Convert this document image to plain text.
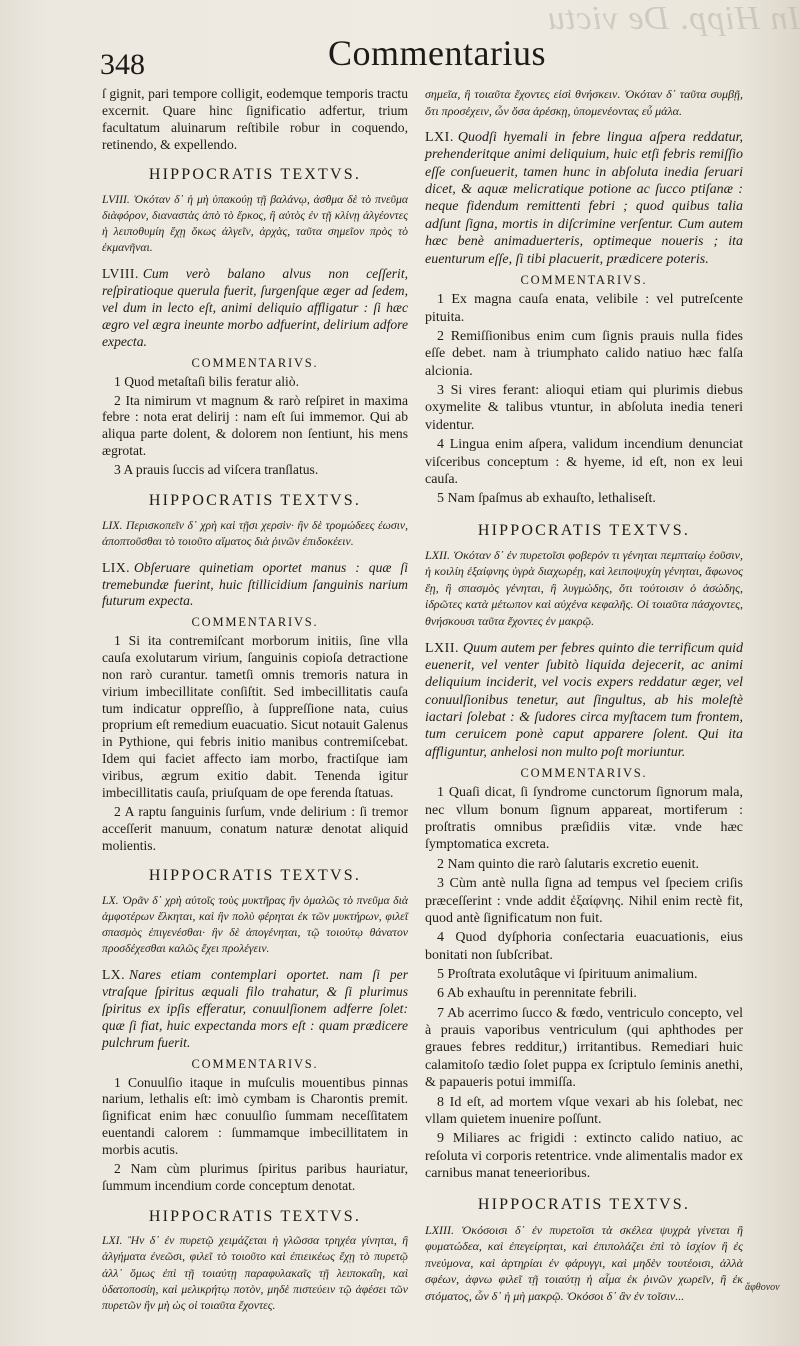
In Hipp. De victu
348	Commentarius

ſ gignit, pari tempore colligit, eodemque temporis tractu excernit. Quare hinc ſignificatio adfertur, trium facultatum aluinarum reſtibile robur in coquendo, retinendo, & expellendo.

HIPPOCRATIS TEXTVS.

LVIII. Ὁκόταν δ᾽ ἡ μὴ ὑπακούῃ τῇ βαλάνῳ, ἀσθμα δὲ τὸ πνεῦμα διὰφόρον, διαναστὰς ἀπὸ τὸ ἔρκος, ἢ αὐτὸς ἐν τῇ κλίνῃ ἀλγέοντες ἡ λειποθυμίη ἔχῃ ὅκως ἀλγεῖν, ἀρχὰς, ταῦτα σημεῖον πρὸς τὸ ἐκμανῆναι.

LVIII. Cum verò balano alvus non ceſſerit, reſpiratioque querula fuerit, ſurgenſque æger ad ſedem, vel dum in lecto eſt, animi deliquio affligatur : ſi hæc ægro vel ægra ineunte morbo adfuerint, delirium adfore expecta.

COMMENTARIVS.

1 Quod metaſtaſi bilis feratur aliò.

2 Ita nimirum vt magnum & rarò reſpiret in maxima febre : nota erat delirij : nam eſt ſui immemor. Qui ab aliqua parte dolent, & dolorem non ſentiunt, his mens ægrotat.

3 A prauis ſuccis ad viſcera tranſlatus.

HIPPOCRATIS TEXTVS.

LIX. Περισκοπεῖν δ᾽ χρὴ καὶ τῇσι χερσὶν· ἢν δὲ τρομώδεες ἐωσιν, ἀποπτοῦσθαι τὸ τοιοῦτο αἵματος διὰ ῥινῶν ἐπιδοκέειν.

LIX. Obſeruare quinetiam oportet manus : quæ ſi tremebundæ fuerint, huic ſtillicidium ſanguinis narium futurum expecta.

COMMENTARIVS.

1 Si ita contremiſcant morborum initiis, ſine vlla cauſa exolutarum virium, ſanguinis copioſa detractione non rarò curantur. tametſi omnis tremoris natura in virium imbecillitate conſiſtit. Sed imbecillitatis cauſa tum indicatur oppreſſio, à ſuppreſſione nata, cuius proprium eſt remedium euacuatio. Sicut notauit Galenus in Pythione, qui febris initio manibus contremiſcebat. Idem qui faciet affecto iam morbo, fractiſque iam viribus, ægrum exitio dabit. Tenenda igitur imbecillitatis cauſa, priuſquam de ope ferenda ſtatuas.

2 A raptu ſanguinis ſurſum, vnde delirium : ſi tremor acceſſerit manuum, conatum naturæ denotat aliquid molientis.

HIPPOCRATIS TEXTVS.

LX. Ὁρᾶν δ᾽ χρὴ αὐτοῖς τοὺς μυκτῆρας ἢν ὁμαλῶς τὸ πνεῦμα διὰ ἀμφοτέρων ἕλκηται, καὶ ἢν πολὺ φέρηται ἐκ τῶν μυκτήρων, φιλεῖ σπασμὸς ἐπιγενέσθαι· ἢν δὲ ἀπογένηται, τῷ τοιούτῳ θάνατον προσδέχεσθαι καλῶς ἔχει προλέγειν.

LX. Nares etiam contemplari oportet. nam ſi per vtraſque ſpiritus æquali filo trahatur, & ſi plurimus ſpiritus ex ipſis efferatur, conuulſionem adferre ſolet: quæ ſi fiat, huic expectanda mors eſt : quam prædicere pulchrum fuerit.

COMMENTARIVS.

1 Conuulſio itaque in muſculis mouentibus pinnas narium, lethalis eſt: imò cymbam is Charontis premit. ſignificat enim hæc conuulſio ſummam neceſſitatem euentandi calorem : ſummamque imbecillitatem in morbis acutis.

2 Nam cùm plurimus ſpiritus paribus hauriatur, ſummum incendium corde conceptum denotat.

HIPPOCRATIS TEXTVS.

LXI. Ἢν δ᾽ ἐν πυρετῷ χειμάζεται ἡ γλῶσσα τρηχέα γίνηται, ἢ ἀλγήματα ἐνεῶσι, φιλεῖ τὸ τοιοῦτο καὶ ἐπιεικέως ἔχῃ τὸ πυρετῷ ἀλλ᾽ ὅμως ἐπὶ τῇ τοιαύτῃ παραφυλακαῖς τῇ λειποκαΐη, καὶ ὑδατοποσίη, καὶ μελικρήτῳ ποτὸν, μηδὲ πιστεύειν τῷ ἀφέσει τῶν πυρετῶν ἢν μὴ ὡς οἱ τοιαῦτα ἔχοντες.

σημεῖα, ἢ τοιαῦτα ἔχοντες εἰσὶ θνήσκειν. Ὁκόταν δ᾽ ταῦτα συμβῇ, ὅτι προσέχειν, ὧν ὅσα ἀρέσκῃ, ὑπομενέοντας εὖ μάλα.

LXI. Quodſi hyemali in febre lingua aſpera reddatur, prehenderitque animi deliquium, huic etſi febris remiſſio eſſe conſueuerit, tamen hunc in abſoluta inedia ſeruari dicet, & aquæ melicratique potione ac ſucco ptiſanæ : neque fidendum remittenti febri ; quod quibus talia adſunt ſigna, mortis in diſcrimine verſentur. Cum autem hæc benè animaduerteris, optimeque noueris ; ita euenturum eſſe, ſi tibi placuerit, prædicere poteris.

COMMENTARIVS.

1 Ex magna cauſa enata, velibile : vel putreſcente pituita.

2 Remiſſionibus enim cum ſignis prauis nulla fides eſſe debet. nam à triumphato calido natiuo hæc falſa alcionia.

3 Si vires ferant: alioqui etiam qui plurimis diebus oxymelite & talibus vtuntur, in abſoluta inedia teneri videntur.

4 Lingua enim aſpera, validum incendium denunciat viſceribus conceptum : & hyeme, id eſt, non ex leui cauſa.

5 Nam ſpaſmus ab exhauſto, lethaliseſt.

HIPPOCRATIS TEXTVS.

LXII. Ὁκόταν δ᾽ ἐν πυρετοῖσι φοβερόν τι γένηται πεμπταίῳ ἐοῦσιν, ἡ κοιλίη ἐξαίφνης ὑγρὰ διαχωρέῃ, καὶ λειποψυχίη γένηται, ἄφωνος ἔῃ, ἢ σπασμὸς γένηται, ἢ λυγμώδης, ὅτι τούτοισιν ὁ ἀσώδης, ἱδρῶτες κατὰ μέτωπον καὶ αὐχένα κεφαλῆς. Οἱ τοιαῦτα πάσχοντες, θνήσκουσι ταῦτα ἔχοντες ἐν μακρῷ.

LXII. Quum autem per febres quinto die terrificum quid euenerit, vel venter ſubitò liquida dejecerit, ac animi deliquium inciderit, vel vocis expers reddatur æger, vel conuulſionibus tenetur, aut ſingultus, ab his moleſtè iactari ſolebat : & ſudores circa myſtacem tum frontem, tum ceruicem ponè caput apparere ſolent. Qui ita affliguntur, anhelosi non multo poſt moriuntur.

COMMENTARIVS.

1 Quaſi dicat, ſi ſyndrome cunctorum ſignorum mala, nec vllum bonum ſignum appareat, mortiferum : proſtratis omnibus præſidiis vitæ. vnde hæc ſymptomatica excreta.

2 Nam quinto die rarò ſalutaris excretio euenit.

3 Cùm antè nulla ſigna ad tempus vel ſpeciem criſis præceſſerint : vnde addit ἐξαίφνης. Nihil enim rectè fit, quod antè ſignificatum non fuit.

4 Quod dyſphoria conſectaria euacuationis, eius bonitati non ſubſcribat.

5 Proſtrata exolutâque vi ſpirituum animalium.

6 Ab exhauſtu in perennitate febrili.

7 Ab acerrimo ſucco & fœdo, ventriculo concepto, vel à prauis vaporibus ventriculum (qui aphthodes per graues febres redditur,) irritantibus. Remediari huic calamitoſo tædio ſolet puppa ex ſcriptulo ſeminis anethi, & papaueris potui immiſſa.

8 Id eſt, ad mortem vſque vexari ab his ſolebat, nec vllam quietem inuenire poſſunt.

9 Miliares ac frigidi : extincto calido natiuo, ac reſoluta vi corporis retentrice. vnde alimentalis mador ex carnibus manat teneerioribus.

HIPPOCRATIS TEXTVS.

LXIII. Ὁκόσοισι δ᾽ ἐν πυρετοῖσι τὰ σκέλεα ψυχρὰ γίνεται ἢ φυματώδεα, καὶ ἐπεγείρηται, καὶ ἐπιπολάζει ἐπὶ τὸ ἰσχίον ἢ ἐς πνεύμονα, καὶ ἀρτηρίαι ἐν φάρυγγι, καὶ μηδὲν τουτέοισι, ἀλλὰ σφέων, ἀφνω φιλεῖ τῇ τοιαύτῃ ἡ αἷμα ἐκ ῥινῶν χωρεῖν, ἢ ἐκ στόματος, ὧν δ᾽ ἡ μὴ μακρῷ. Ὁκόσοι δ᾽ ἂν ἐν τοῖσιν...

ἄφθονον
